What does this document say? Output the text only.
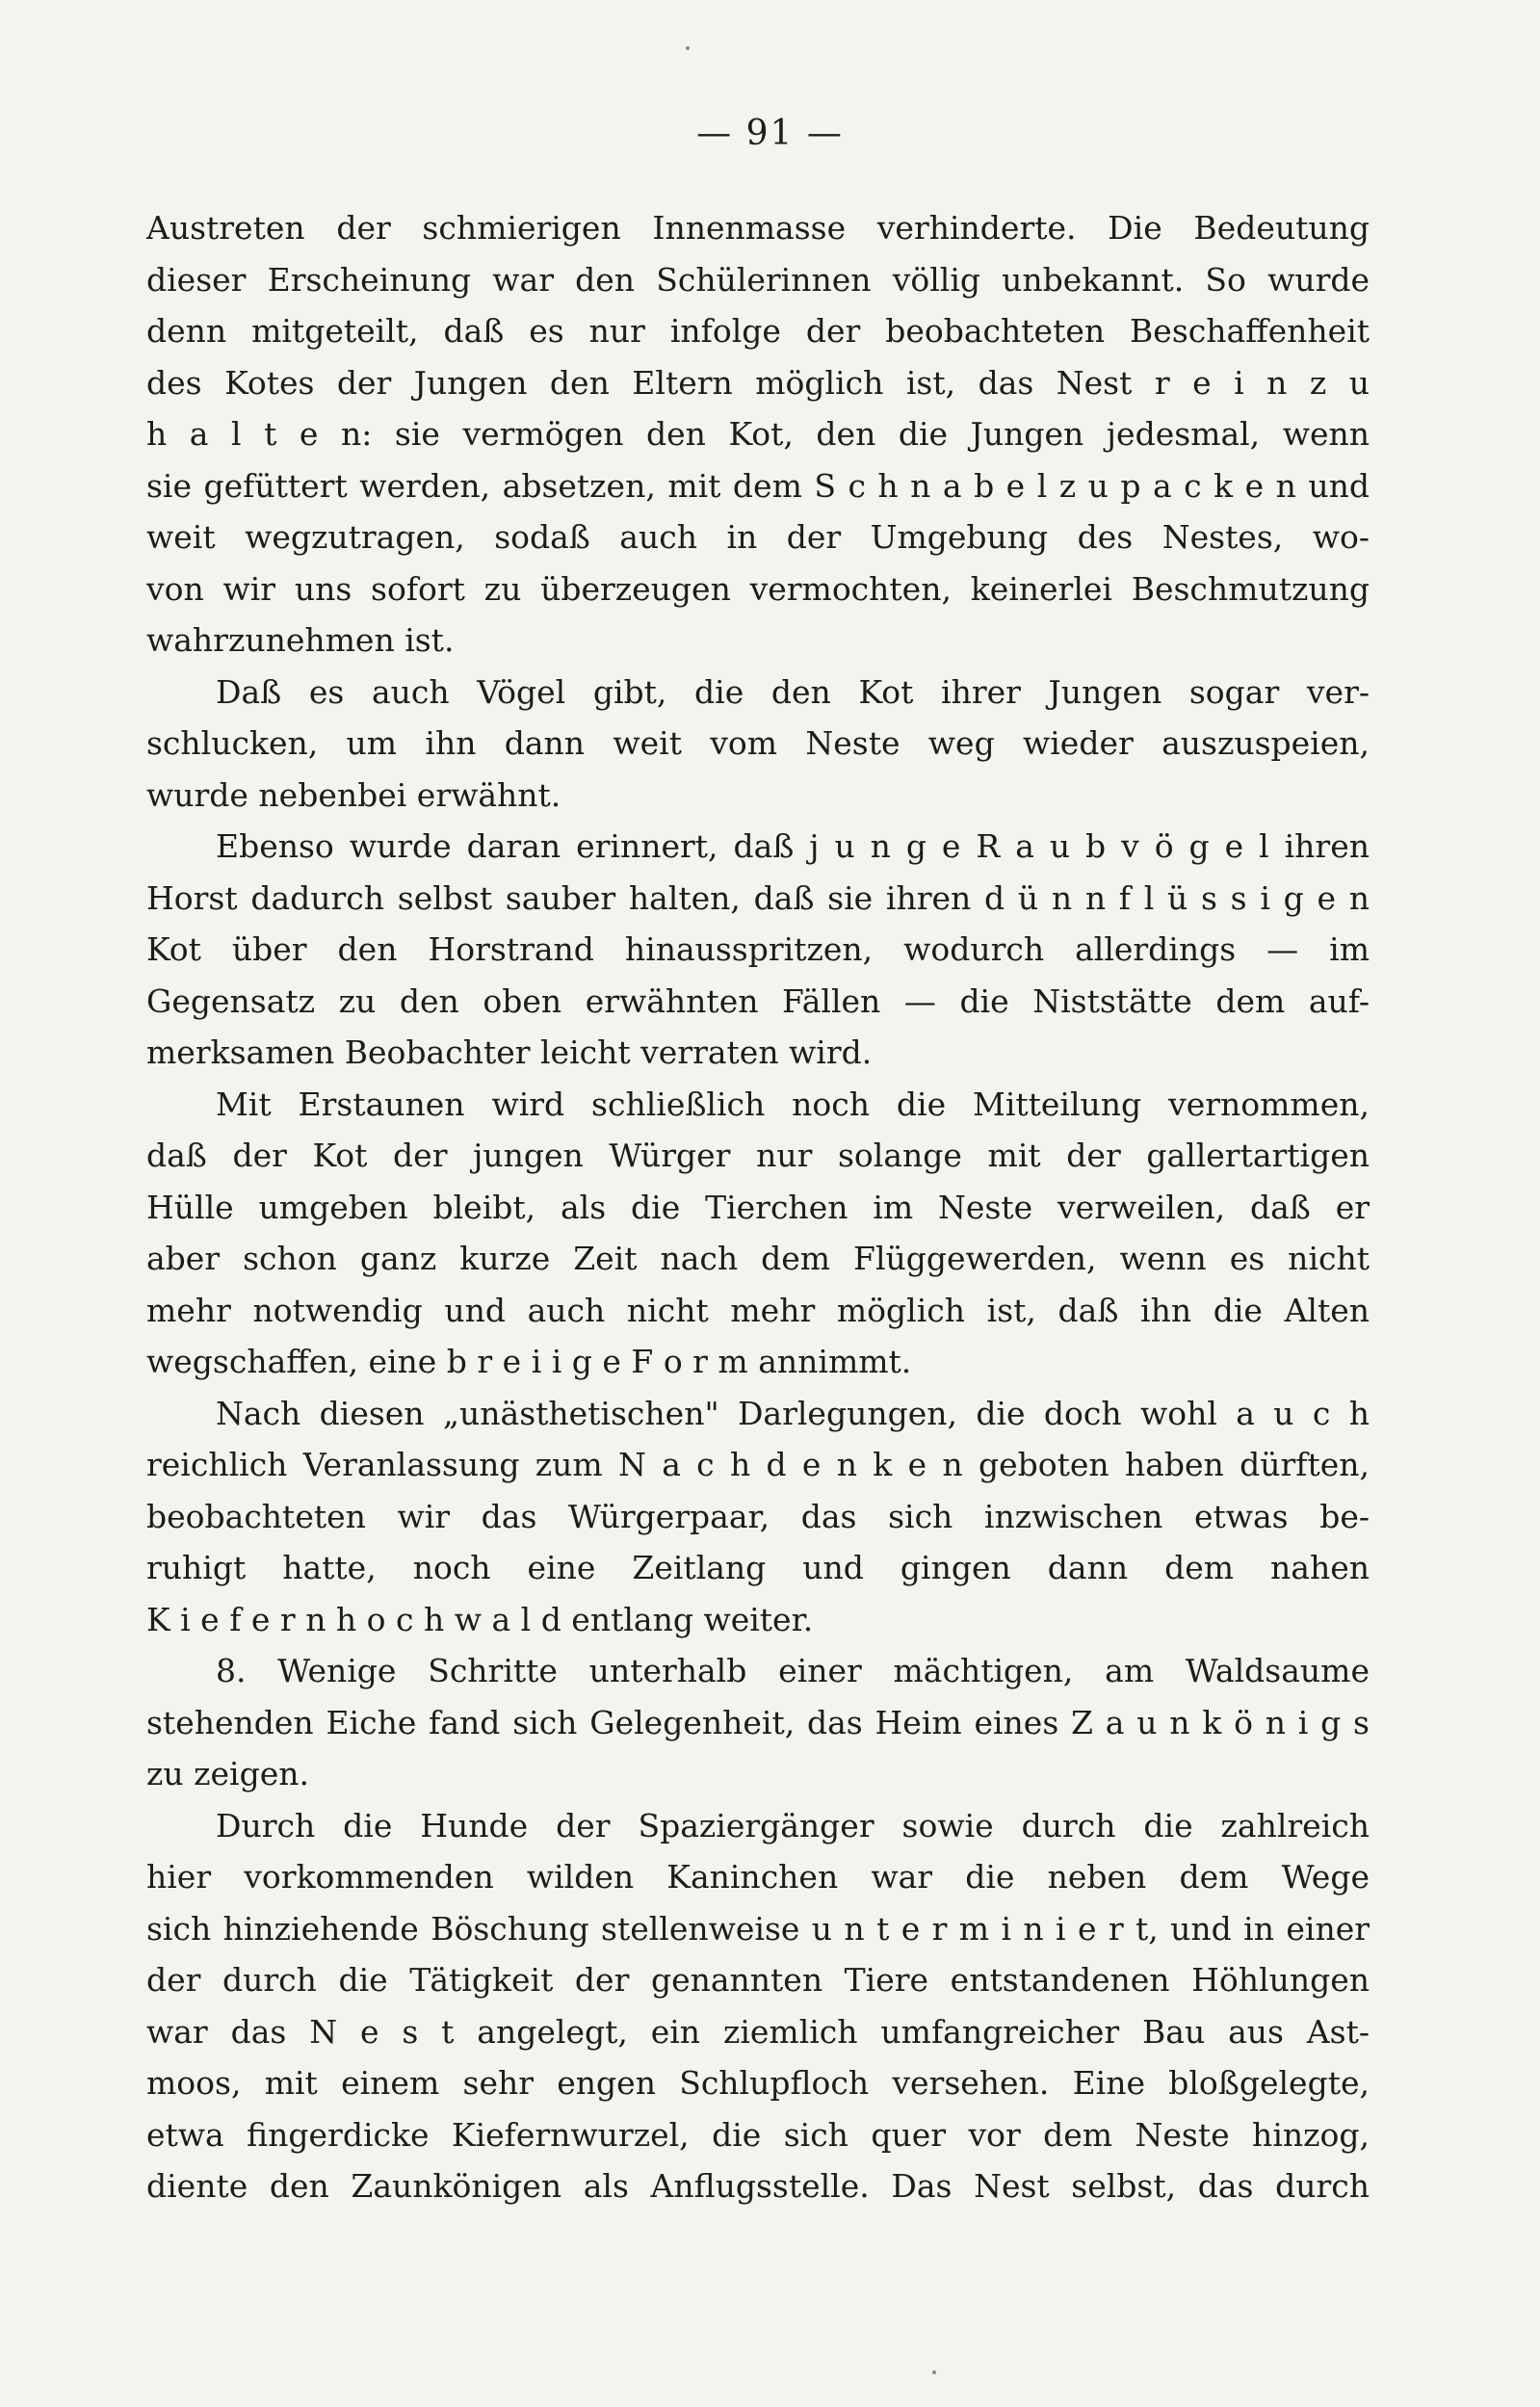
— 91 —
Austreten der schmierigen Innenmasse verhinderte. Die Bedeutung
dieser Erscheinung war den Schülerinnen völlig unbekannt. So wurde
denn mitgeteilt, daß es nur infolge der beobachteten Beschaffenheit
des Kotes der Jungen den Eltern möglich ist, das Nest r e i n z u
h a l t e n: sie vermögen den Kot, den die Jungen jedesmal, wenn
sie gefüttert werden, absetzen, mit dem S c h n a b e l z u p a c k e n und
weit wegzutragen, sodaß auch in der Umgebung des Nestes, wo-
von wir uns sofort zu überzeugen vermochten, keinerlei Beschmutzung
wahrzunehmen ist.
Daß es auch Vögel gibt, die den Kot ihrer Jungen sogar ver-
schlucken, um ihn dann weit vom Neste weg wieder auszuspeien,
wurde nebenbei erwähnt.
Ebenso wurde daran erinnert, daß j u n g e R a u b v ö g e l ihren
Horst dadurch selbst sauber halten, daß sie ihren d ü n n f l ü s s i g e n
Kot über den Horstrand hinausspritzen, wodurch allerdings — im
Gegensatz zu den oben erwähnten Fällen — die Niststätte dem auf-
merksamen Beobachter leicht verraten wird.
Mit Erstaunen wird schließlich noch die Mitteilung vernommen,
daß der Kot der jungen Würger nur solange mit der gallertartigen
Hülle umgeben bleibt, als die Tierchen im Neste verweilen, daß er
aber schon ganz kurze Zeit nach dem Flüggewerden, wenn es nicht
mehr notwendig und auch nicht mehr möglich ist, daß ihn die Alten
wegschaffen, eine b r e i i g e F o r m annimmt.
Nach diesen „unästhetischen" Darlegungen, die doch wohl a u c h
reichlich Veranlassung zum N a c h d e n k e n geboten haben dürften,
beobachteten wir das Würgerpaar, das sich inzwischen etwas be-
ruhigt hatte, noch eine Zeitlang und gingen dann dem nahen
K i e f e r n h o c h w a l d entlang weiter.
8. Wenige Schritte unterhalb einer mächtigen, am Waldsaume
stehenden Eiche fand sich Gelegenheit, das Heim eines Z a u n k ö n i g s
zu zeigen.
Durch die Hunde der Spaziergänger sowie durch die zahlreich
hier vorkommenden wilden Kaninchen war die neben dem Wege
sich hinziehende Böschung stellenweise u n t e r m i n i e r t, und in einer
der durch die Tätigkeit der genannten Tiere entstandenen Höhlungen
war das N e s t angelegt, ein ziemlich umfangreicher Bau aus Ast-
moos, mit einem sehr engen Schlupfloch versehen. Eine bloßgelegte,
etwa fingerdicke Kiefernwurzel, die sich quer vor dem Neste hinzog,
diente den Zaunkönigen als Anflugsstelle. Das Nest selbst, das durch
